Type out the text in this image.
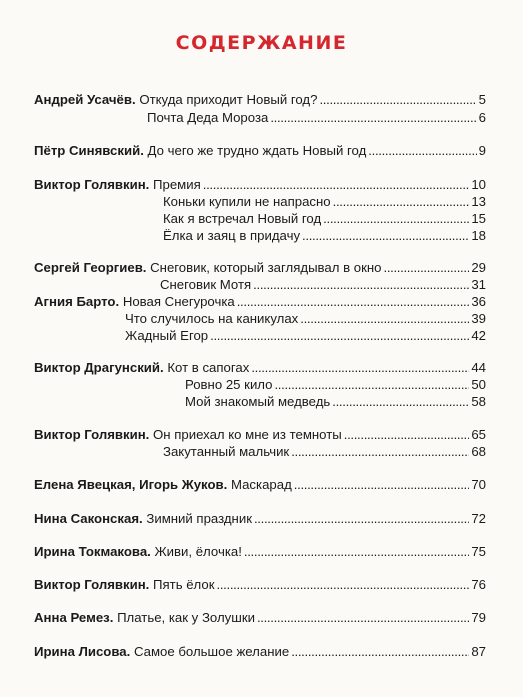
СОДЕРЖАНИЕ
Андрей Усачёв. Откуда приходит Новый год? . . .	5
Почта Деда Мороза . . .	6
Пётр Синявский. До чего же трудно ждать Новый год . . .	9
Виктор Голявкин. Премия . . .	10
Коньки купили не напрасно . . .	13
Как я встречал Новый год . . .	15
Ёлка и заяц в придачу . . .	18
Сергей Георгиев. Снеговик, который заглядывал в окно . . .	29
Снеговик Мотя . . .	31
Агния Барто. Новая Снегурочка . . .	36
Что случилось на каникулах . . .	39
Жадный Егор . . .	42
Виктор Драгунский. Кот в сапогах . . .	44
Ровно 25 кило . . .	50
Мой знакомый медведь . . .	58
Виктор Голявкин. Он приехал ко мне из темноты . . .	65
Закутанный мальчик . . .	68
Елена Явецкая, Игорь Жуков. Маскарад . . .	70
Нина Саконская. Зимний праздник . . .	72
Ирина Токмакова. Живи, ёлочка! . . .	75
Виктор Голявкин. Пять ёлок . . .	76
Анна Ремез. Платье, как у Золушки . . .	79
Ирина Лисова. Самое большое желание . . .	87
